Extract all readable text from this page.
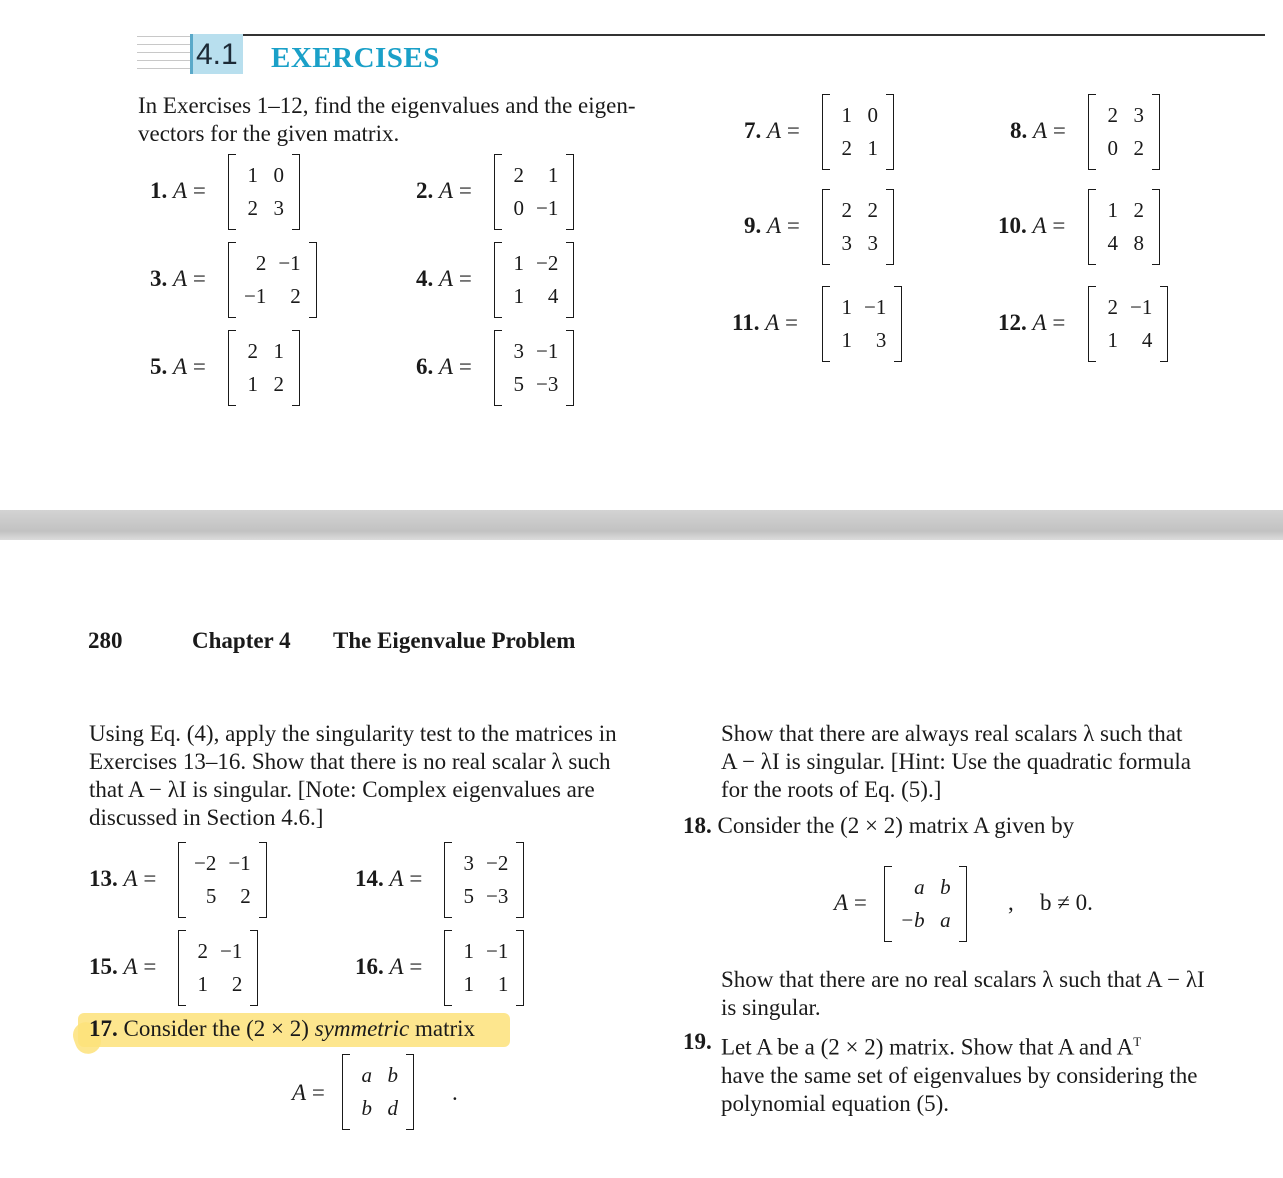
4.1 EXERCISES
In Exercises 1–12, find the eigenvalues and the eigen-
vectors for the given matrix.
1. A =
1 0
2 3
2. A =
2	1
0 −1
3. A =
2 −1
−1	2
4. A =
1 −2
1	4
5. A =
2 1
1 2
6. A =
3 −1
5 −3
7. A =
1 0
2 1
8. A =
2 3
0 2
9. A =
2 2
3 3
10. A =
1 2
4 8
11. A =
1 −1
1	3
12. A =
2 −1
1	4
280	Chapter 4 The Eigenvalue Problem
Using Eq. (4), apply the singularity test to the matrices in
Exercises 13–16. Show that there is no real scalar λ such
that A − λI is singular. [Note: Complex eigenvalues are
discussed in Section 4.6.]
13. A =
−2 −1
5	2
14. A =
3 −2
5 −3
15. A =
2 −1
1	2
16. A =
1 −1
1	1
17. Consider the (2 × 2) symmetric matrix
A =
a b
b d
.
Show that there are always real scalars λ such that
A − λI is singular. [Hint: Use the quadratic formula
for the roots of Eq. (5).]
18. Consider the (2 × 2) matrix A given by
A =
a b
−b a
b ≠ 0.
,
Show that there are no real scalars λ such that A − λI
is singular.
19. Let A be a (2 × 2) matrix. Show that A and $A^T$
have the same set of eigenvalues by considering the
polynomial equation (5).
